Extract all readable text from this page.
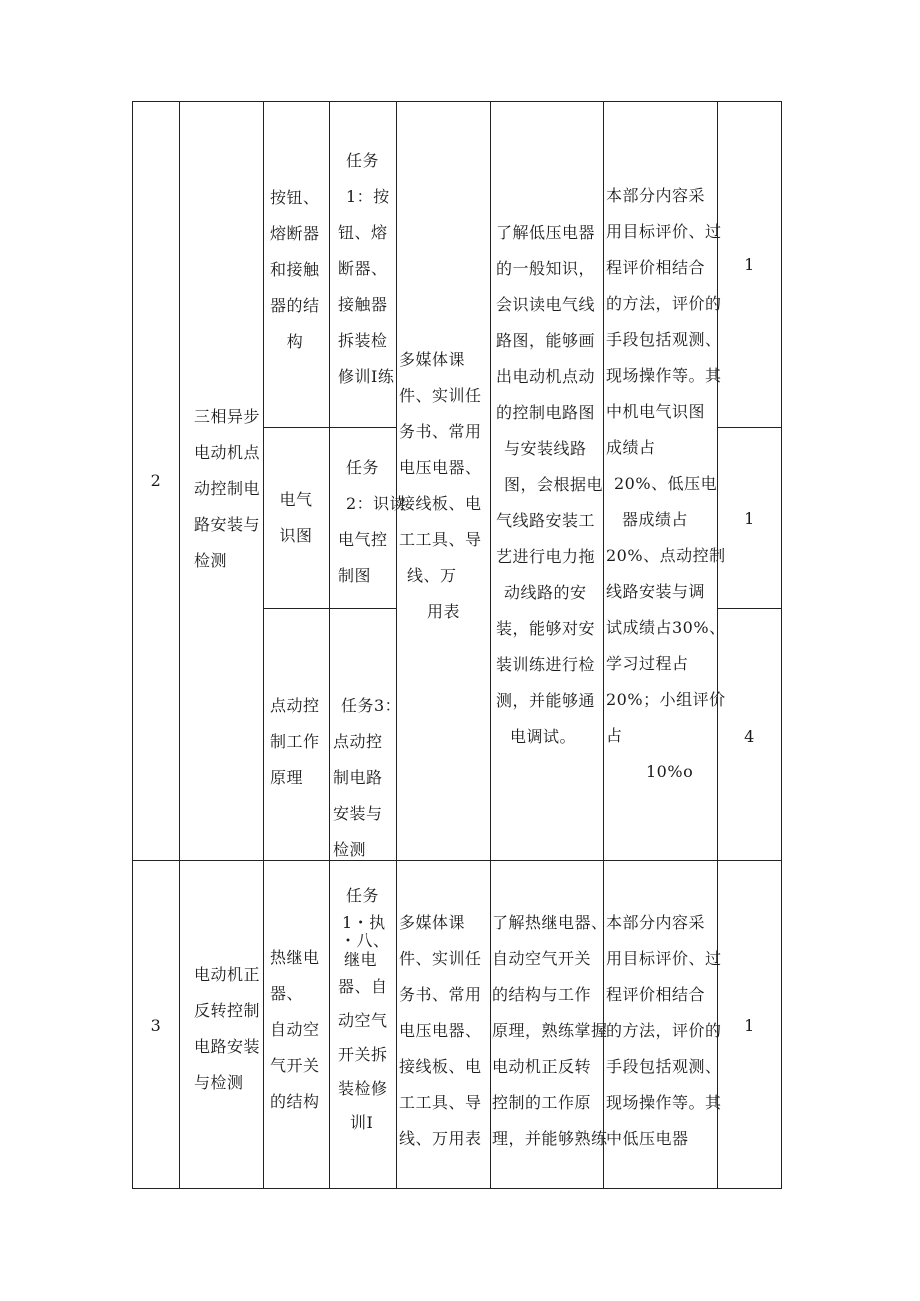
2
三相异步
电动机点
动控制电
路安装与
检测
按钮、
熔断器
和接触
器的结
构
任务
1：按
钮、熔
断器、
接触器
拆装检
修训I练
1
电气
识图
任务
2：识读
电气控
制图
1
点动控
制工作
原理
任务3：
点动控
制电路
安装与
检测
4
多媒体课
件、实训任
务书、常用
电压电器、
接线板、电
工工具、导
线、万
用表
了解低压电器
的一般知识，
会识读电气线
路图，能够画
出电动机点动
的控制电路图
与安装线路
图，会根据电
气线路安装工
艺进行电力拖
动线路的安
装，能够对安
装训练进行检
测，并能够通
电调试。
本部分内容采
用目标评价、过
程评价相结合
的方法，评价的
手段包括观测、
现场操作等。其
中机电气识图
成绩占
20%、低压电
器成绩占
20%、点动控制
线路安装与调
试成绩占30%、
学习过程占
20%；小组评价
占
10%o
3
电动机正
反转控制
电路安装
与检测
热继电
器、
自动空
气开关
的结构
任务
1・执
・八、
继电
器、自
动空气
开关拆
装检修
训I
多媒体课
件、实训任
务书、常用
电压电器、
接线板、电
工工具、导
线、万用表
了解热继电器、
自动空气开关
的结构与工作
原理，熟练掌握
电动机正反转
控制的工作原
理，并能够熟练
本部分内容采
用目标评价、过
程评价相结合
的方法，评价的
手段包括观测、
现场操作等。其
中低压电器
1
